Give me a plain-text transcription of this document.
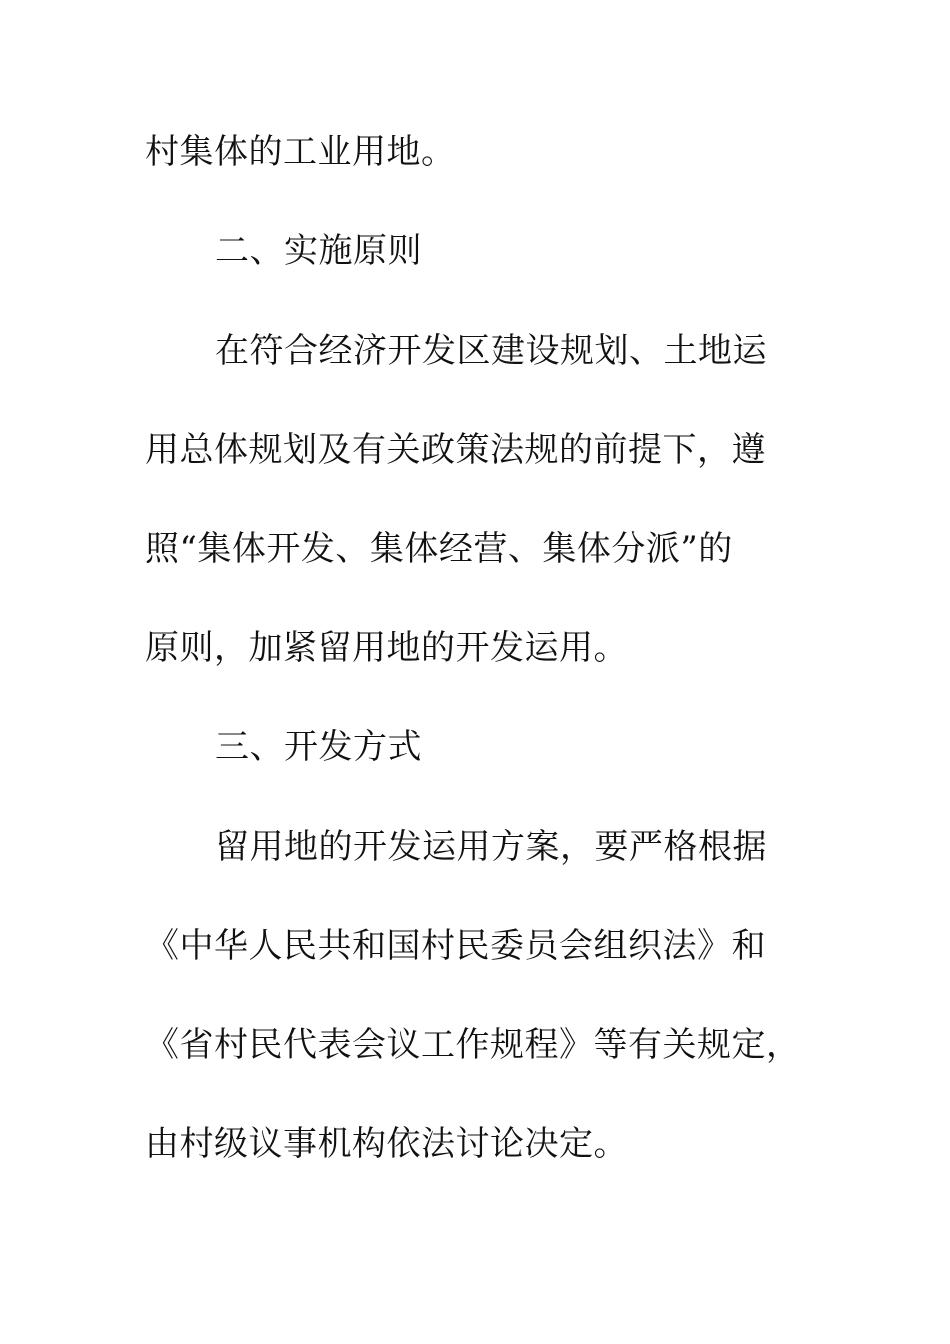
村集体的工业用地。
二、实施原则
在符合经济开发区建设规划、土地运
用总体规划及有关政策法规的前提下，遵
照“集体开发、集体经营、集体分派”的
原则，加紧留用地的开发运用。
三、开发方式
留用地的开发运用方案，要严格根据
《中华人民共和国村民委员会组织法》和
《省村民代表会议工作规程》等有关规定，
由村级议事机构依法讨论决定。
